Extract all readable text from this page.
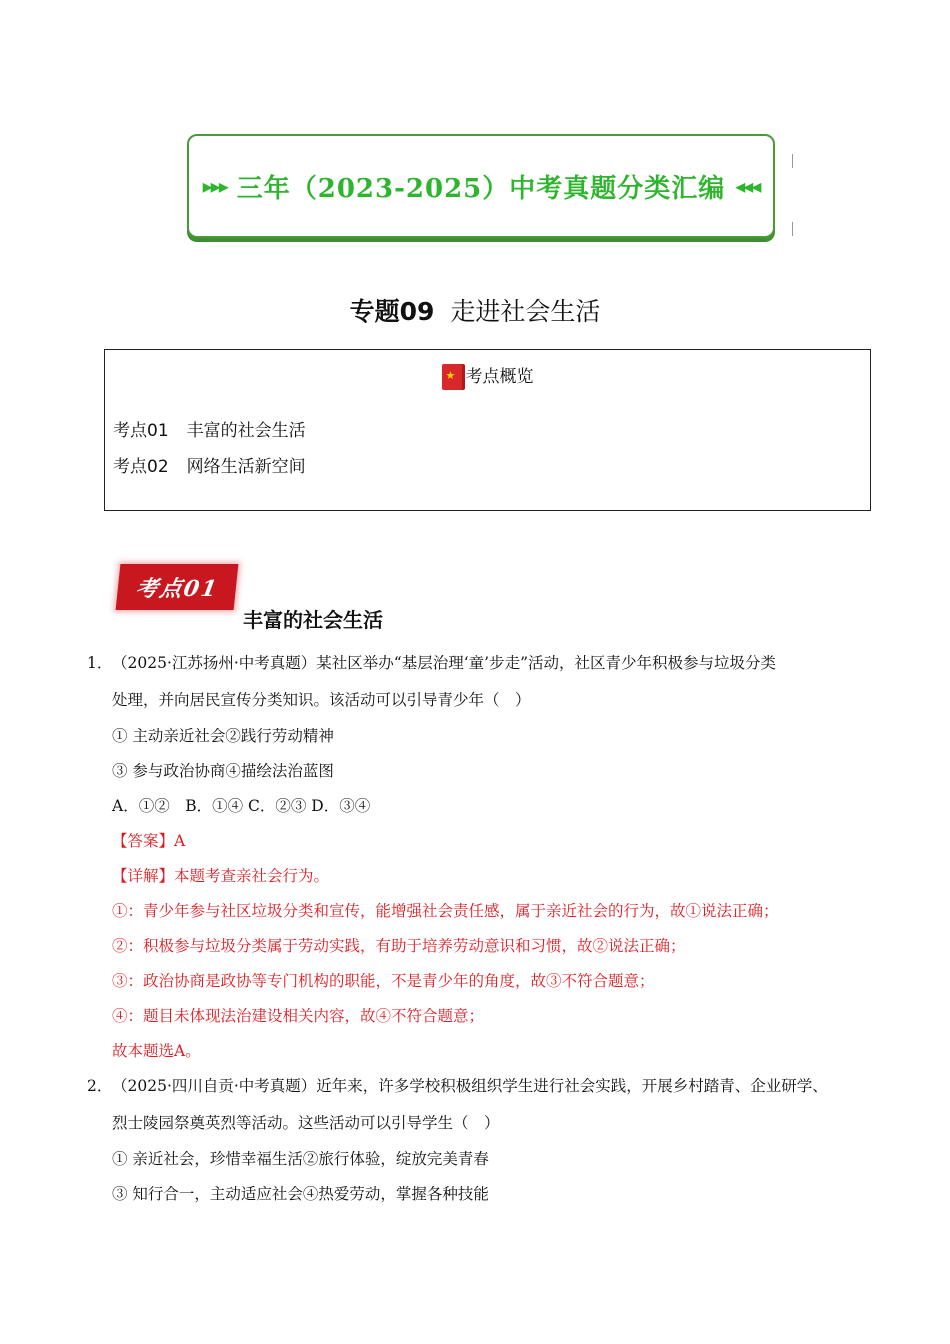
▸▸▸ 三年（2023-2025）中考真题分类汇编 ◂◂◂
专题09 走进社会生活
★考点概览
考点01 丰富的社会生活
考点02 网络生活新空间
考点01
丰富的社会生活
1． （2025·江苏扬州·中考真题）某社区举办“基层治理‘童’步走”活动，社区青少年积极参与垃圾分类
处理，并向居民宣传分类知识。该活动可以引导青少年（　）
① 主动亲近社会②践行劳动精神
③ 参与政治协商④描绘法治蓝图
A．①②　B．①④ C．②③ D．③④
【答案】A
【详解】本题考查亲社会行为。
①：青少年参与社区垃圾分类和宣传，能增强社会责任感，属于亲近社会的行为，故①说法正确；
②：积极参与垃圾分类属于劳动实践，有助于培养劳动意识和习惯，故②说法正确；
③：政治协商是政协等专门机构的职能，不是青少年的角度，故③不符合题意；
④：题目未体现法治建设相关内容，故④不符合题意；
故本题选A。
2． （2025·四川自贡·中考真题）近年来，许多学校积极组织学生进行社会实践，开展乡村踏青、企业研学、
烈士陵园祭奠英烈等活动。这些活动可以引导学生（　）
① 亲近社会，珍惜幸福生活②旅行体验，绽放完美青春
③ 知行合一，主动适应社会④热爱劳动，掌握各种技能
